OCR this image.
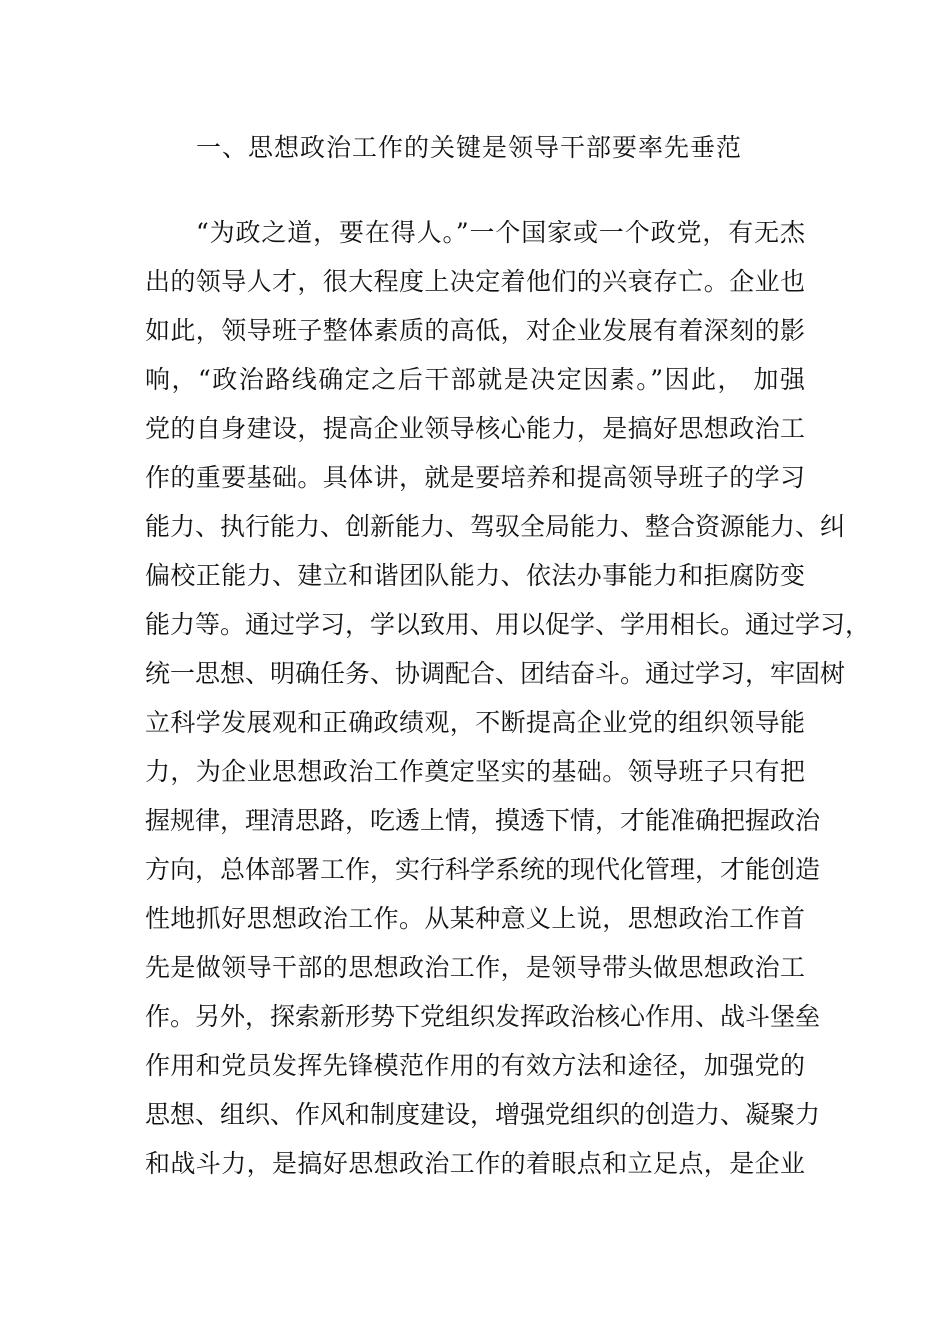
一、思想政治工作的关键是领导干部要率先垂范
“为政之道，要在得人。”一个国家或一个政党，有无杰
出的领导人才，很大程度上决定着他们的兴衰存亡。企业也
如此，领导班子整体素质的高低，对企业发展有着深刻的影
响，“政治路线确定之后干部就是决定因素。”因此， 加强
党的自身建设，提高企业领导核心能力，是搞好思想政治工
作的重要基础。具体讲，就是要培养和提高领导班子的学习
能力、执行能力、创新能力、驾驭全局能力、整合资源能力、纠
偏校正能力、建立和谐团队能力、依法办事能力和拒腐防变
能力等。通过学习，学以致用、用以促学、学用相长。通过学习，
统一思想、明确任务、协调配合、团结奋斗。通过学习，牢固树
立科学发展观和正确政绩观，不断提高企业党的组织领导能
力，为企业思想政治工作奠定坚实的基础。领导班子只有把
握规律，理清思路，吃透上情，摸透下情，才能准确把握政治
方向，总体部署工作，实行科学系统的现代化管理，才能创造
性地抓好思想政治工作。从某种意义上说，思想政治工作首
先是做领导干部的思想政治工作，是领导带头做思想政治工
作。另外，探索新形势下党组织发挥政治核心作用、战斗堡垒
作用和党员发挥先锋模范作用的有效方法和途径，加强党的
思想、组织、作风和制度建设，增强党组织的创造力、凝聚力
和战斗力，是搞好思想政治工作的着眼点和立足点，是企业
